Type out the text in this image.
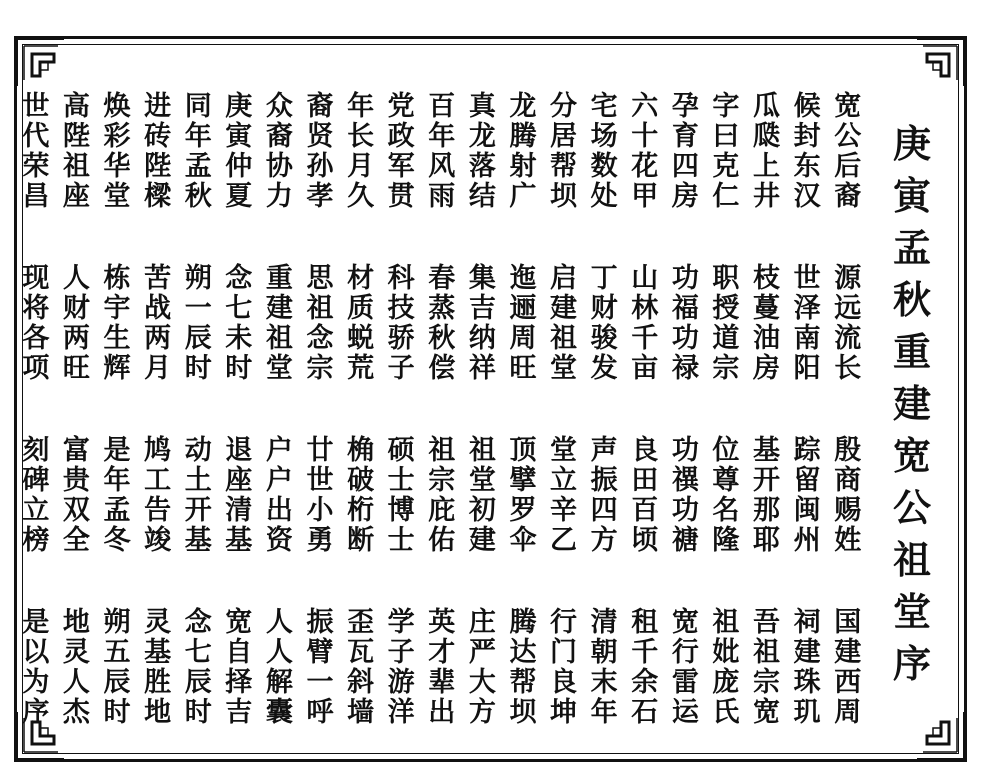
庚
寅
孟
秋
重
建
宽
公
祖
堂
序
宽
公
后
裔
源
远
流
长
殷
商
赐
姓
国
建
西
周
候
封
东
汉
世
泽
南
阳
踪
留
闽
州
祠
建
珠
玑
瓜
瓞
上
井
枝
蔓
油
房
基
开
那
耶
吾
祖
宗
宽
字
曰
克
仁
职
授
道
宗
位
尊
名
隆
祖
妣
庞
氏
孕
育
四
房
功
福
功
禄
功
禩
功
禟
宽
行
雷
运
六
十
花
甲
山
林
千
亩
良
田
百
顷
租
千
余
石
宅
场
数
处
丁
财
骏
发
声
振
四
方
清
朝
末
年
分
居
帮
坝
启
建
祖
堂
堂
立
辛
乙
行
门
良
坤
龙
腾
射
广
迤
逦
周
旺
顶
擘
罗
伞
腾
达
帮
坝
真
龙
落
结
集
吉
纳
祥
祖
堂
初
建
庄
严
大
方
百
年
风
雨
春
蒸
秋
偿
祖
宗
庇
佑
英
才
辈
出
党
政
军
贯
科
技
骄
子
硕
士
博
士
学
子
游
洋
年
长
月
久
材
质
蜕
荒
桷
破
桁
断
歪
瓦
斜
墙
裔
贤
孙
孝
思
祖
念
宗
廿
世
小
勇
振
臂
一
呼
众
裔
协
力
重
建
祖
堂
户
户
出
资
人
人
解
囊
庚
寅
仲
夏
念
七
未
时
退
座
清
基
宽
自
择
吉
同
年
孟
秋
朔
一
辰
时
动
土
开
基
念
七
辰
时
进
砖
陛
樑
苦
战
两
月
鸠
工
告
竣
灵
基
胜
地
焕
彩
华
堂
栋
宇
生
辉
是
年
孟
冬
朔
五
辰
时
高
陛
祖
座
人
财
两
旺
富
贵
双
全
地
灵
人
杰
世
代
荣
昌
现
将
各
项
刻
碑
立
榜
是
以
为
序
